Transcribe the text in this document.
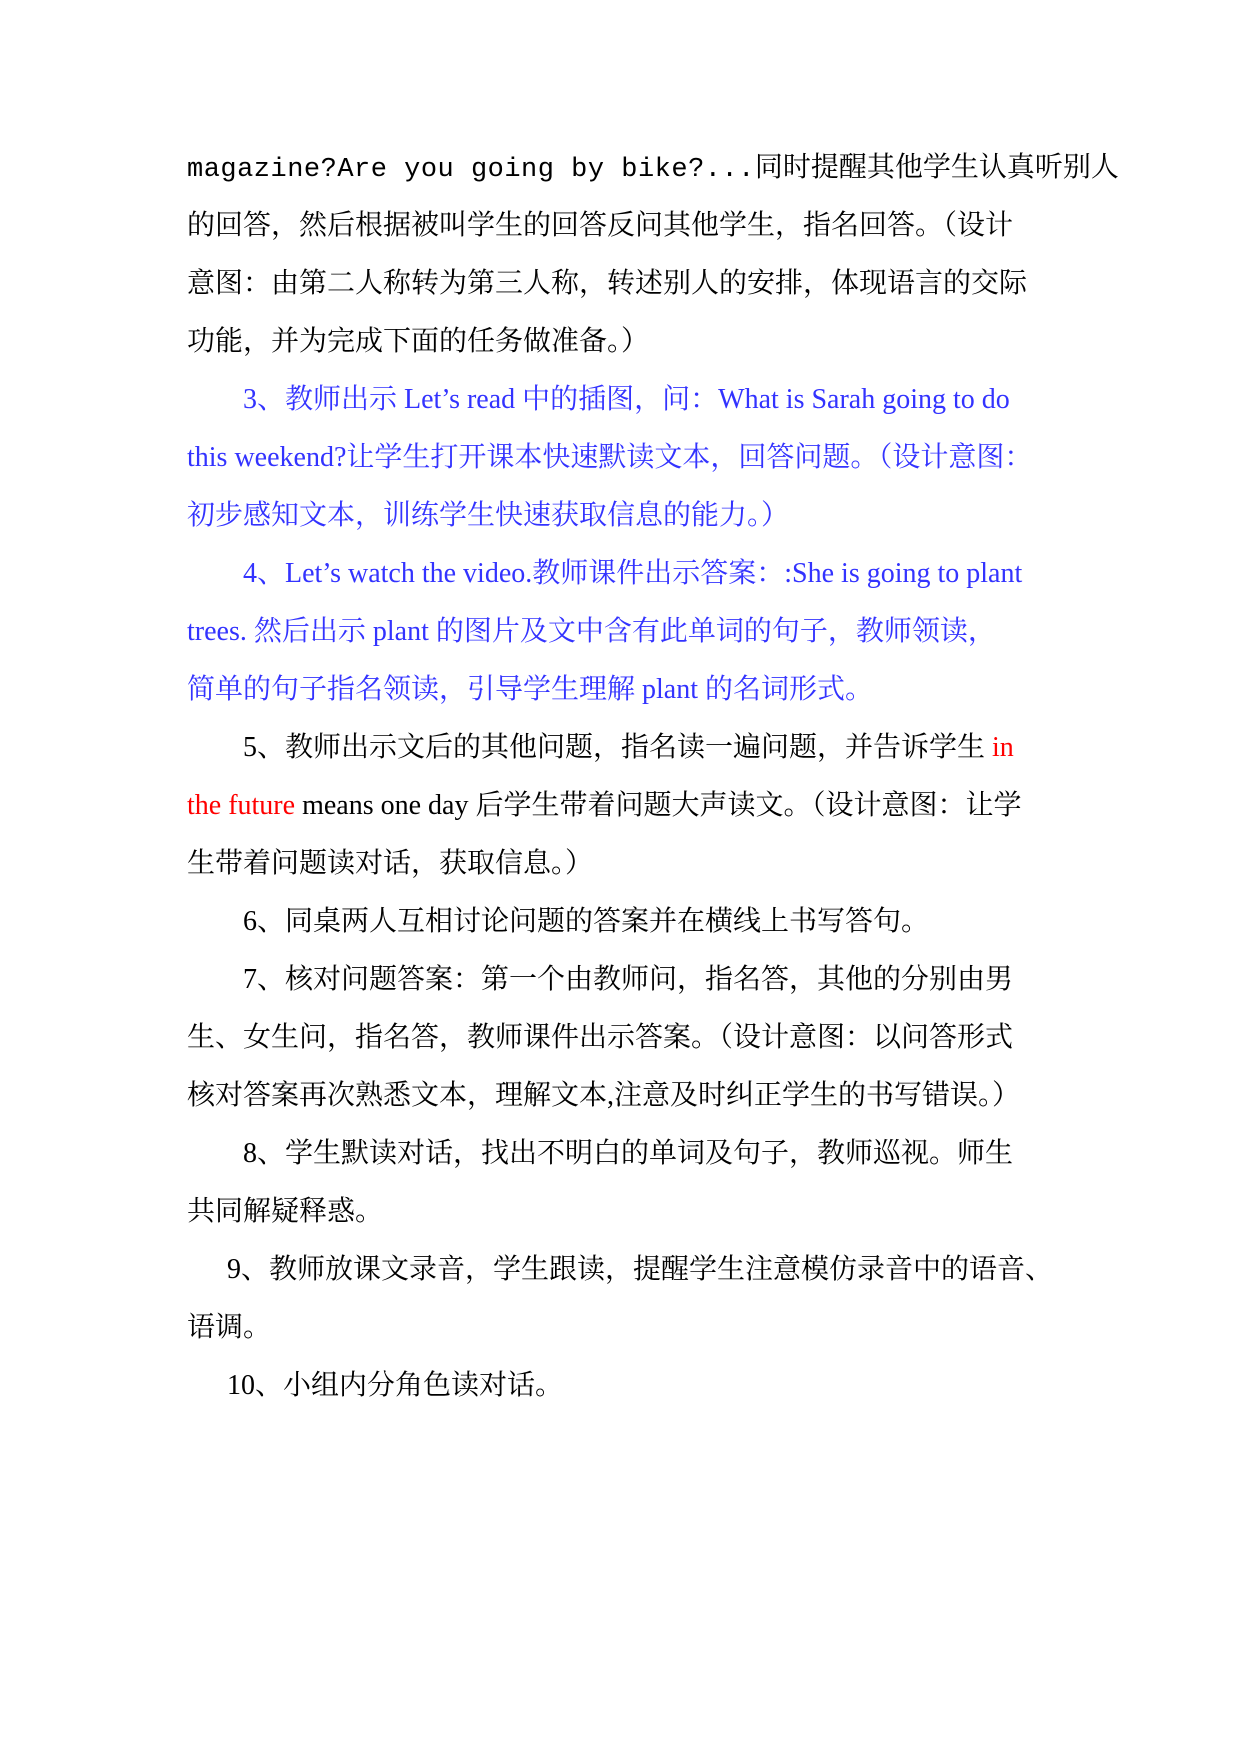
magazine?Are you going by bike?...同时提醒其他学生认真听别人
的回答，然后根据被叫学生的回答反问其他学生，指名回答。（设计
意图：由第二人称转为第三人称，转述别人的安排，体现语言的交际
功能，并为完成下面的任务做准备。）
3、教师出示 Let’s read 中的插图，问：What is Sarah going to do
this weekend?让学生打开课本快速默读文本，回答问题。（设计意图：
初步感知文本，训练学生快速获取信息的能力。）
4、Let’s watch the video.教师课件出示答案：:She is going to plant
trees. 然后出示 plant 的图片及文中含有此单词的句子，教师领读，
简单的句子指名领读，引导学生理解 plant 的名词形式。
5、教师出示文后的其他问题，指名读一遍问题，并告诉学生 in
the future means one day 后学生带着问题大声读文。（设计意图：让学
生带着问题读对话，获取信息。）
6、同桌两人互相讨论问题的答案并在横线上书写答句。
7、核对问题答案：第一个由教师问，指名答，其他的分别由男
生、女生问，指名答，教师课件出示答案。（设计意图：以问答形式
核对答案再次熟悉文本，理解文本,注意及时纠正学生的书写错误。）
8、学生默读对话，找出不明白的单词及句子，教师巡视。师生
共同解疑释惑。
9、教师放课文录音，学生跟读，提醒学生注意模仿录音中的语音、
语调。
10、小组内分角色读对话。
